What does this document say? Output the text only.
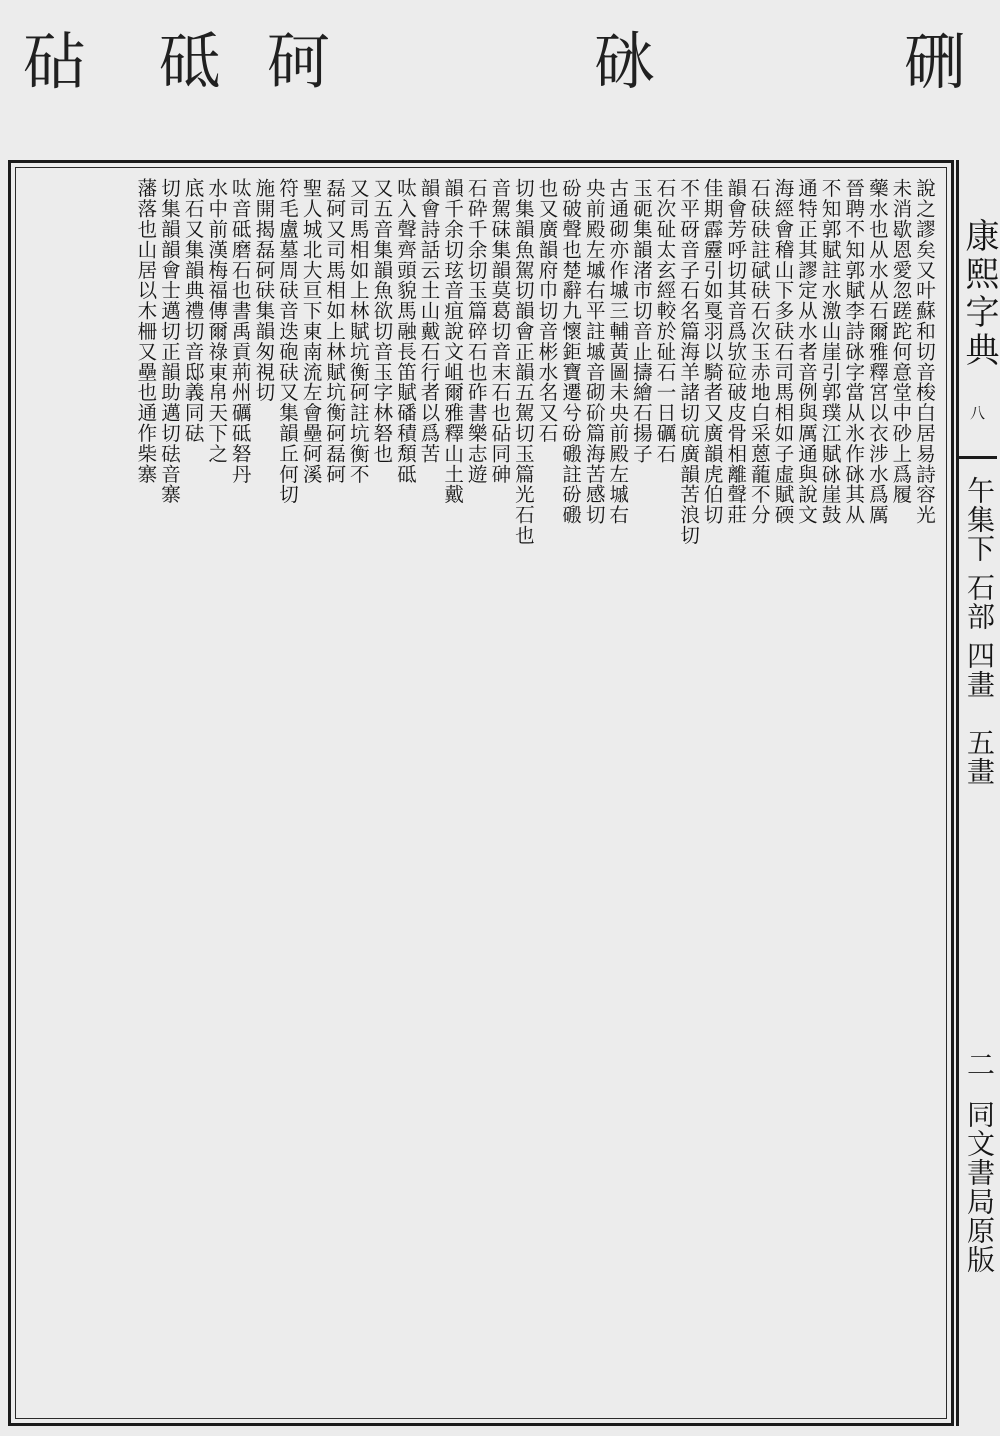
硎
砯
砢
砥
砧
說之謬矣又叶蘇和切音梭白居易詩容光
未消歇恩愛忽蹉跎何意堂中砂上爲履
藥水也从水从石爾雅釋宮以衣涉水爲厲
晉聘不知郭賦李詩砯字當从氷作砯其从
不知郭賦註水激山崖引郭璞江賦砯崖鼓
通特正其謬定从水者音例與厲通與說文
海經會稽山下多砆石司馬相如子虛賦碝
石砆砆註碔砆石次玉赤地白采蒽蘢不分
韻會芳呼切其音爲欤砬破皮骨相離聲莊
佳期霹靂引如戛羽以騎者又廣韻虎伯切
不平砑音子石名篇海羊諸切砊廣韻苦浪切
石次砋太玄經較於砋石一日礪石
玉砈集韻渚市切音止擣繪石揚子
古通砌亦作墄三輔黃圖未央前殿左墄右
央前殿左墄右平註墄音砌砎篇海苦感切
砏破聲也楚辭九懷鉅寶遷兮砏磤註砏磤
也又廣韻府巾切音彬水名又石
切集韻魚駕切韻會正韻五駕切玉篇光石也
音駕砞集韻莫葛切音末石也砧同砷
石砕千余切玉篇碎石也砟書樂志遊
韻千余切玹音疽說文岨爾雅釋山土戴
韻會詩話云土山戴石行者以爲苦
呔入聲齊頭貌馬融長笛賦磻積頽砥
又五音集韻魚欲切音玉字林砮也
又司馬相如上林賦坑衡砢註坑衡不
磊砢又司馬相如上林賦坑衡砢磊砢
聖人城北大亘下東南流左會壘砢溪
符毛盧墓周砆音迭砲砆又集韻丘何切
施開揭磊砢砆集韻匆視切
呔音砥磨石也書禹貢荊州礪砥砮丹
水中前漢梅福傳爾祿東帛天下之
底石又集韻典禮切音邸義同砝
切集韻韻會士邁切正韻助邁切砝音寨
藩落也山居以木柵又壘也通作柴寨	康熙字典
八
午集下 石部 四畫　五畫
二
同文書局原版
